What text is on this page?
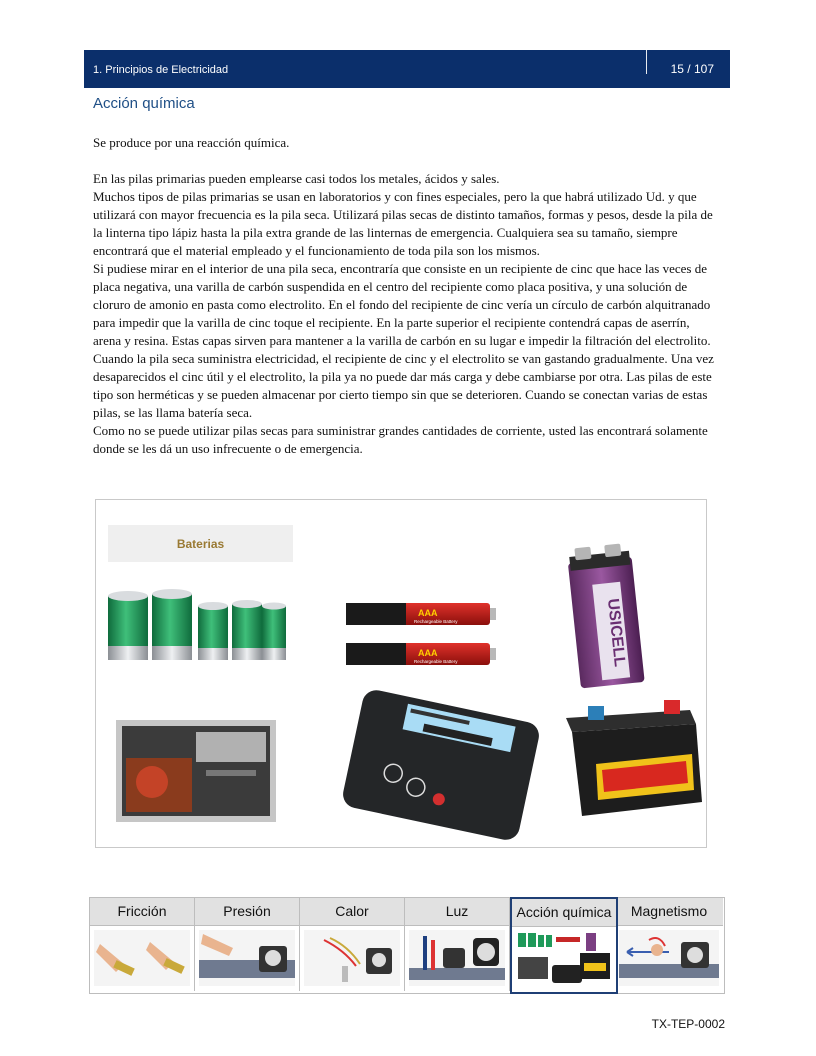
1. Principios de Electricidad	15 / 107
Acción química

Se produce por una reacción química.

En las pilas primarias pueden emplearse casi todos los metales, ácidos y sales.

Muchos tipos de pilas primarias se usan en laboratorios y con fines especiales, pero la que habrá utilizado Ud. y que utilizará con mayor frecuencia es la pila seca. Utilizará pilas secas de distinto tamaños, formas y pesos, desde la pila de la linterna tipo lápiz hasta la pila extra grande de las linternas de emergencia. Cualquiera sea su tamaño, siempre encontrará que el material empleado y el funcionamiento de toda pila son los mismos.

Si pudiese mirar en el interior de una pila seca, encontraría que consiste en un recipiente de cinc que hace las veces de placa negativa, una varilla de carbón suspendida en el centro del recipiente como placa positiva, y una solución de cloruro de amonio en pasta como electrolito. En el fondo del recipiente de cinc vería un círculo de carbón alquitranado para impedir que la varilla de cinc toque el recipiente. En la parte superior el recipiente contendrá capas de aserrín, arena y resina. Estas capas sirven para mantener a la varilla de carbón en su lugar e impedir la filtración del electrolito. Cuando la pila seca suministra electricidad, el recipiente de cinc y el electrolito se van gastando gradualmente. Una vez desaparecidos el cinc útil y el electrolito, la pila ya no puede dar más carga y debe cambiarse por otra. Las pilas de este tipo son herméticas y se pueden almacenar por cierto tiempo sin que se deterioren. Cuando se conectan varias de estas pilas, se las llama batería seca.

Como no se puede utilizar pilas secas para suministrar grandes cantidades de corriente, usted las encontrará solamente donde se les dá un uso infrecuente o de emergencia.

Baterias
AAA
Rechargeable Battery
AAA
Rechargeable Battery	USICELL
Fricción	Presión	Calor	Luz	Acción química	Magnetismo
TX-TEP-0002
